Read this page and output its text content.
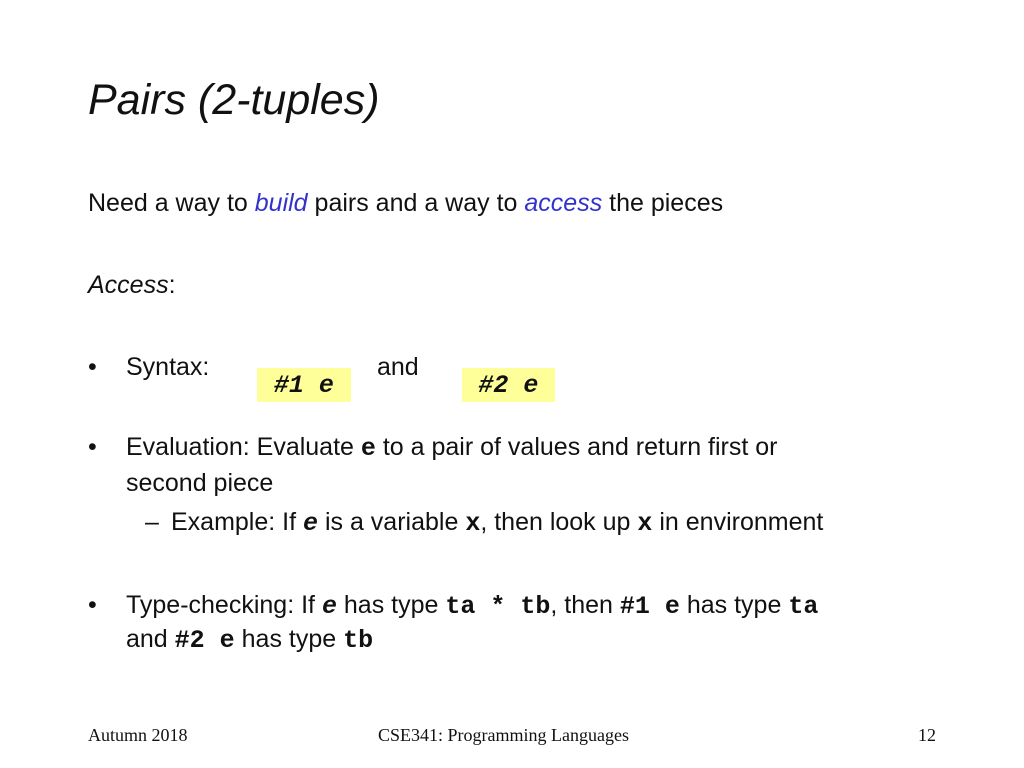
Pairs (2-tuples)
Need a way to build pairs and a way to access the pieces
Access:
• Syntax:

#1 e

and

#2 e

• Evaluation: Evaluate e to a pair of values and return first or
second piece
– Example: If e is a variable x, then look up x in environment
• Type-checking: If e has type ta * tb, then #1 e has type ta
and #2 e has type tb
Autumn 2018	CSE341: Programming Languages	12
